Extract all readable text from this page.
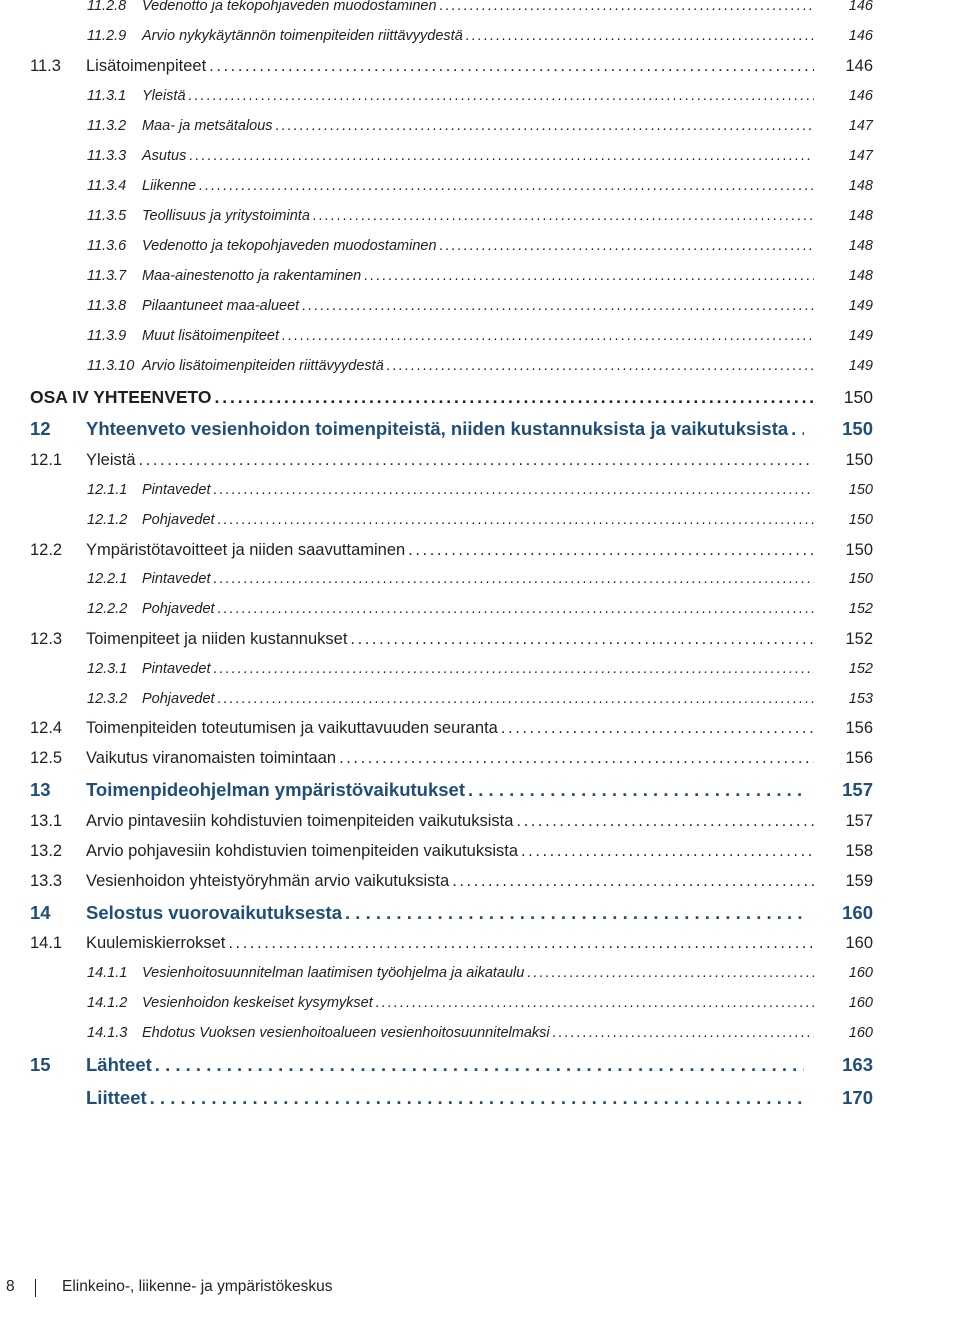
11.2.8 Vedenotto ja tekopohjaveden muodostaminen . . .	146
11.2.9 Arvio nykykäytännön toimenpiteiden riittävyydestä . . .	146
11.3 Lisätoimenpiteet . . .	146
11.3.1 Yleistä . . .	146
11.3.2 Maa- ja metsätalous . . .	147
11.3.3 Asutus . . .	147
11.3.4 Liikenne . . .	148
11.3.5 Teollisuus ja yritystoiminta . . .	148
11.3.6 Vedenotto ja tekopohjaveden muodostaminen . . .	148
11.3.7 Maa-ainestenotto ja rakentaminen . . .	148
11.3.8 Pilaantuneet maa-alueet . . .	149
11.3.9 Muut lisätoimenpiteet . . .	149
11.3.10 Arvio lisätoimenpiteiden riittävyydestä . . .	149
OSA IV YHTEENVETO . . .	150
12 Yhteenveto vesienhoidon toimenpiteistä, niiden kustannuksista ja vaikutuksista . . .	150
12.1 Yleistä . . .	150
12.1.1 Pintavedet . . .	150
12.1.2 Pohjavedet . . .	150
12.2 Ympäristötavoitteet ja niiden saavuttaminen . . .	150
12.2.1 Pintavedet . . .	150
12.2.2 Pohjavedet . . .	152
12.3 Toimenpiteet ja niiden kustannukset . . .	152
12.3.1 Pintavedet . . .	152
12.3.2 Pohjavedet . . .	153
12.4 Toimenpiteiden toteutumisen ja vaikuttavuuden seuranta . . .	156
12.5 Vaikutus viranomaisten toimintaan . . .	156
13 Toimenpideohjelman ympäristövaikutukset . . .	157
13.1 Arvio pintavesiin kohdistuvien toimenpiteiden vaikutuksista . . .	157
13.2 Arvio pohjavesiin kohdistuvien toimenpiteiden vaikutuksista . . .	158
13.3 Vesienhoidon yhteistyöryhmän arvio vaikutuksista . . .	159
14 Selostus vuorovaikutuksesta . . .	160
14.1 Kuulemiskierrokset . . .	160
14.1.1 Vesienhoitosuunnitelman laatimisen työohjelma ja aikataulu . . .	160
14.1.2 Vesienhoidon keskeiset kysymykset . . .	160
14.1.3 Ehdotus Vuoksen vesienhoitoalueen vesienhoitosuunnitelmaksi . . .	160
15 Lähteet . . .	163
Liitteet . . .	170
8	Elinkeino-, liikenne- ja ympäristökeskus
